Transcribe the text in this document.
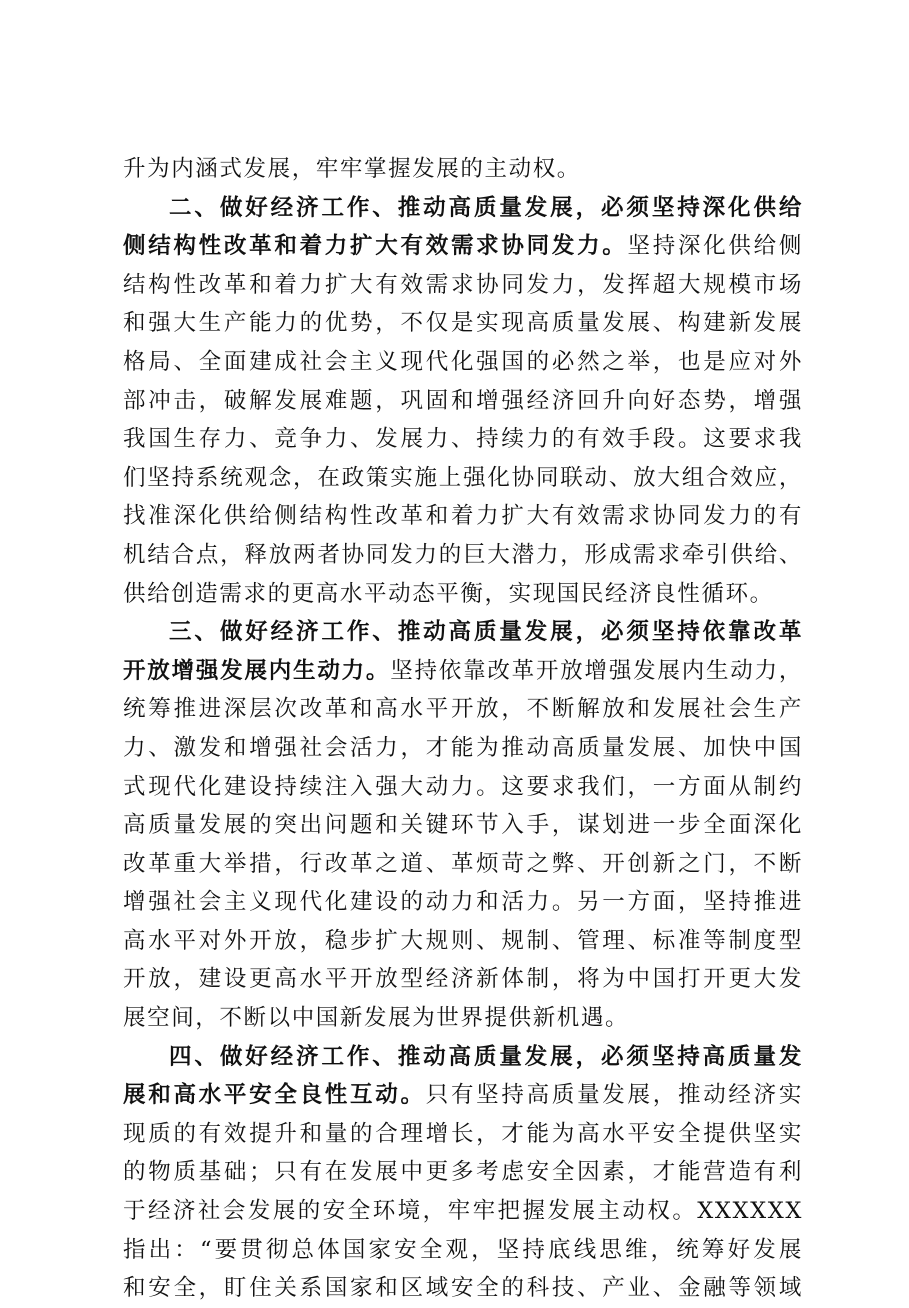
升为内涵式发展，牢牢掌握发展的主动权。
二、做好经济工作、推动高质量发展，必须坚持深化供给
侧结构性改革和着力扩大有效需求协同发力。坚持深化供给侧
结构性改革和着力扩大有效需求协同发力，发挥超大规模市场
和强大生产能力的优势，不仅是实现高质量发展、构建新发展
格局、全面建成社会主义现代化强国的必然之举，也是应对外
部冲击，破解发展难题，巩固和增强经济回升向好态势，增强
我国生存力、竞争力、发展力、持续力的有效手段。这要求我
们坚持系统观念，在政策实施上强化协同联动、放大组合效应，
找准深化供给侧结构性改革和着力扩大有效需求协同发力的有
机结合点，释放两者协同发力的巨大潜力，形成需求牵引供给、
供给创造需求的更高水平动态平衡，实现国民经济良性循环。
三、做好经济工作、推动高质量发展，必须坚持依靠改革
开放增强发展内生动力。坚持依靠改革开放增强发展内生动力，
统筹推进深层次改革和高水平开放，不断解放和发展社会生产
力、激发和增强社会活力，才能为推动高质量发展、加快中国
式现代化建设持续注入强大动力。这要求我们，一方面从制约
高质量发展的突出问题和关键环节入手，谋划进一步全面深化
改革重大举措，行改革之道、革烦苛之弊、开创新之门，不断
增强社会主义现代化建设的动力和活力。另一方面，坚持推进
高水平对外开放，稳步扩大规则、规制、管理、标准等制度型
开放，建设更高水平开放型经济新体制，将为中国打开更大发
展空间，不断以中国新发展为世界提供新机遇。
四、做好经济工作、推动高质量发展，必须坚持高质量发
展和高水平安全良性互动。只有坚持高质量发展，推动经济实
现质的有效提升和量的合理增长，才能为高水平安全提供坚实
的物质基础；只有在发展中更多考虑安全因素，才能营造有利
于经济社会发展的安全环境，牢牢把握发展主动权。XXXXXX
指出：“要贯彻总体国家安全观，坚持底线思维，统筹好发展
和安全，盯住关系国家和区域安全的科技、产业、金融等领域
